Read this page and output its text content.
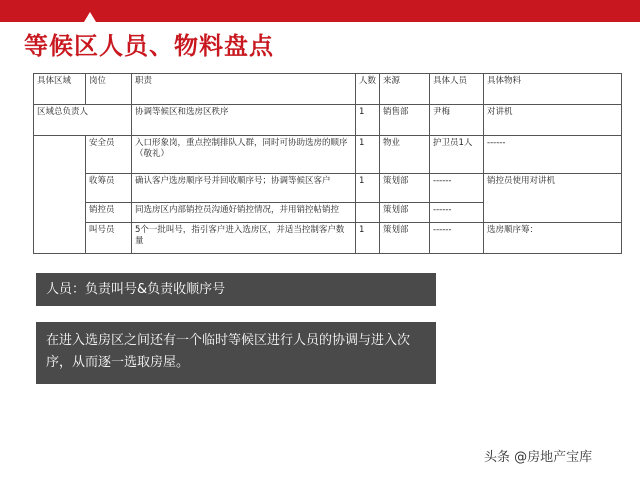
等候区人员、物料盘点
具体区域	岗位	职责	人数	来源	具体人员	具体物料
区域总负责人		协调等候区和选房区秩序	1	销售部	尹梅	对讲机
	安全员	入口形象岗，重点控制排队人群，同时可协助选房的顺序（敬礼）	1	物业	护卫员1人	------
	收筹员	确认客户选房顺序号并回收顺序号；协调等候区客户	1	策划部	------	销控员使用对讲机
	销控员	同选房区内部销控员沟通好销控情况，并用销控帖销控		策划部	------	
	叫号员	5个一批叫号，指引客户进入选房区，并适当控制客户数量	1	策划部	------	选房顺序筹：
人员：负责叫号&负责收顺序号
在进入选房区之间还有一个临时等候区进行人员的协调与进入次序，从而逐一选取房屋。
头条 @房地产宝库
